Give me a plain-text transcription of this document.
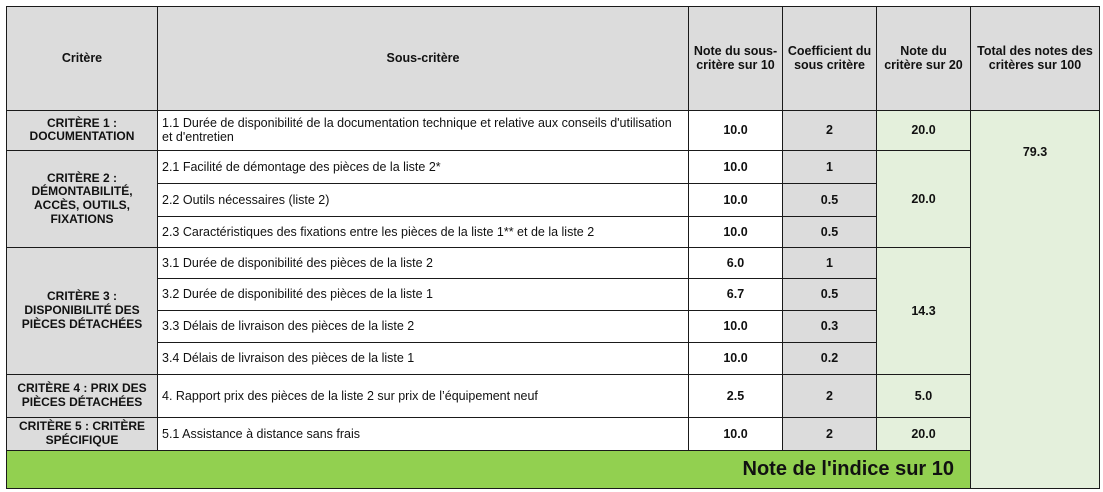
Critère	Sous-critère	Note du sous-critère sur 10	Coefficient du sous critère	Note du critère sur 20	Total des notes des critères sur 100	
CRITÈRE 1 : DOCUMENTATION	1.1 Durée de disponibilité de la documentation technique et relative aux conseils d'utilisation et d'entretien	10.0	2	20.0	79.3	
CRITÈRE 2 : DÉMONTABILITÉ, ACCÈS, OUTILS, FIXATIONS	2.1 Facilité de démontage des pièces de la liste 2*	10.0	1	20.0		
	2.2 Outils nécessaires (liste 2)	10.0	0.5			
	2.3 Caractéristiques des fixations entre les pièces de la liste 1** et de la liste 2	10.0	0.5			
CRITÈRE 3 : DISPONIBILITÉ DES PIÈCES DÉTACHÉES	3.1 Durée de disponibilité des pièces de la liste 2	6.0	1	14.3		
	3.2 Durée de disponibilité des pièces de la liste 1	6.7	0.5			
	3.3 Délais de livraison des pièces de la liste 2	10.0	0.3			
	3.4 Délais de livraison des pièces de la liste 1	10.0	0.2			
CRITÈRE 4 : PRIX DES PIÈCES DÉTACHÉES	4. Rapport prix des pièces de la liste 2 sur prix de l’équipement neuf	2.5	2	5.0		
CRITÈRE 5 : CRITÈRE SPÉCIFIQUE	5.1 Assistance à distance sans frais	10.0	2	20.0		
Note de l'indice sur 10	
